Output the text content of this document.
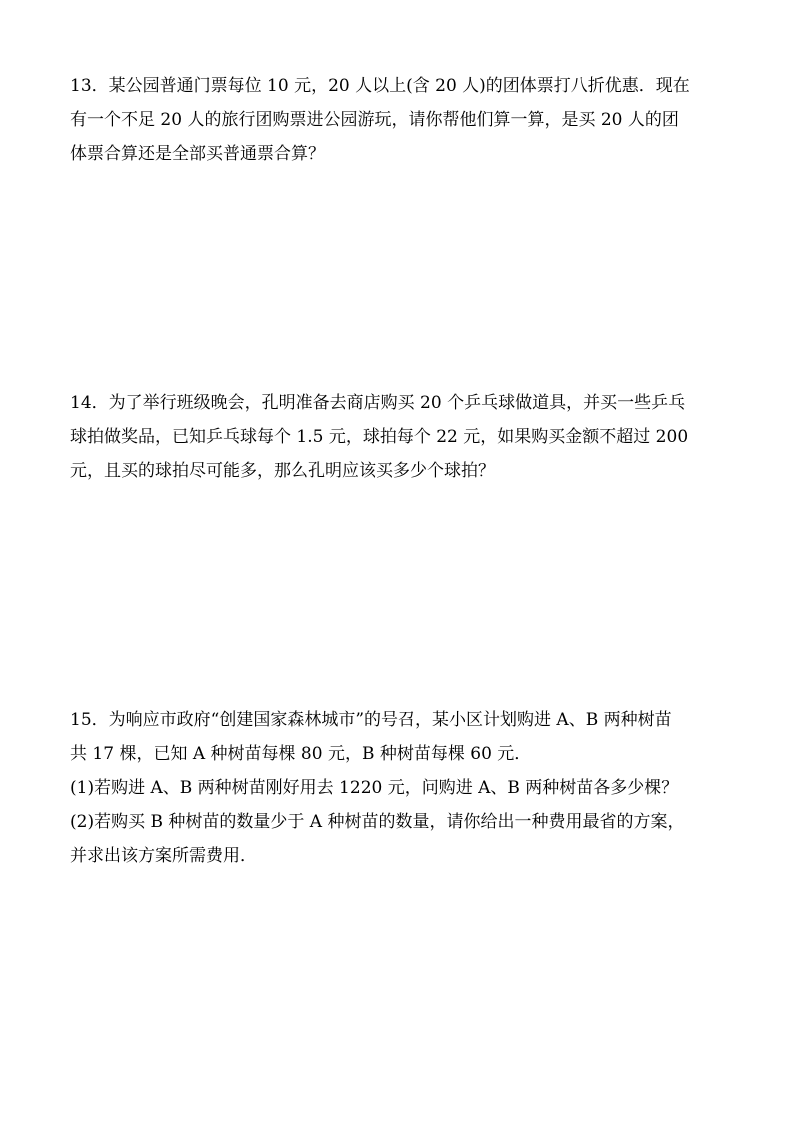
13．某公园普通门票每位 10 元，20 人以上(含 20 人)的团体票打八折优惠．现在
有一个不足 20 人的旅行团购票进公园游玩，请你帮他们算一算，是买 20 人的团
体票合算还是全部买普通票合算？
14．为了举行班级晚会，孔明准备去商店购买 20 个乒乓球做道具，并买一些乒乓
球拍做奖品，已知乒乓球每个 1.5 元，球拍每个 22 元，如果购买金额不超过 200
元，且买的球拍尽可能多，那么孔明应该买多少个球拍？
15．为响应市政府“创建国家森林城市”的号召，某小区计划购进 A、B 两种树苗
共 17 棵，已知 A 种树苗每棵 80 元，B 种树苗每棵 60 元．
(1)若购进 A、B 两种树苗刚好用去 1220 元，问购进 A、B 两种树苗各多少棵？
(2)若购买 B 种树苗的数量少于 A 种树苗的数量，请你给出一种费用最省的方案，
并求出该方案所需费用．
